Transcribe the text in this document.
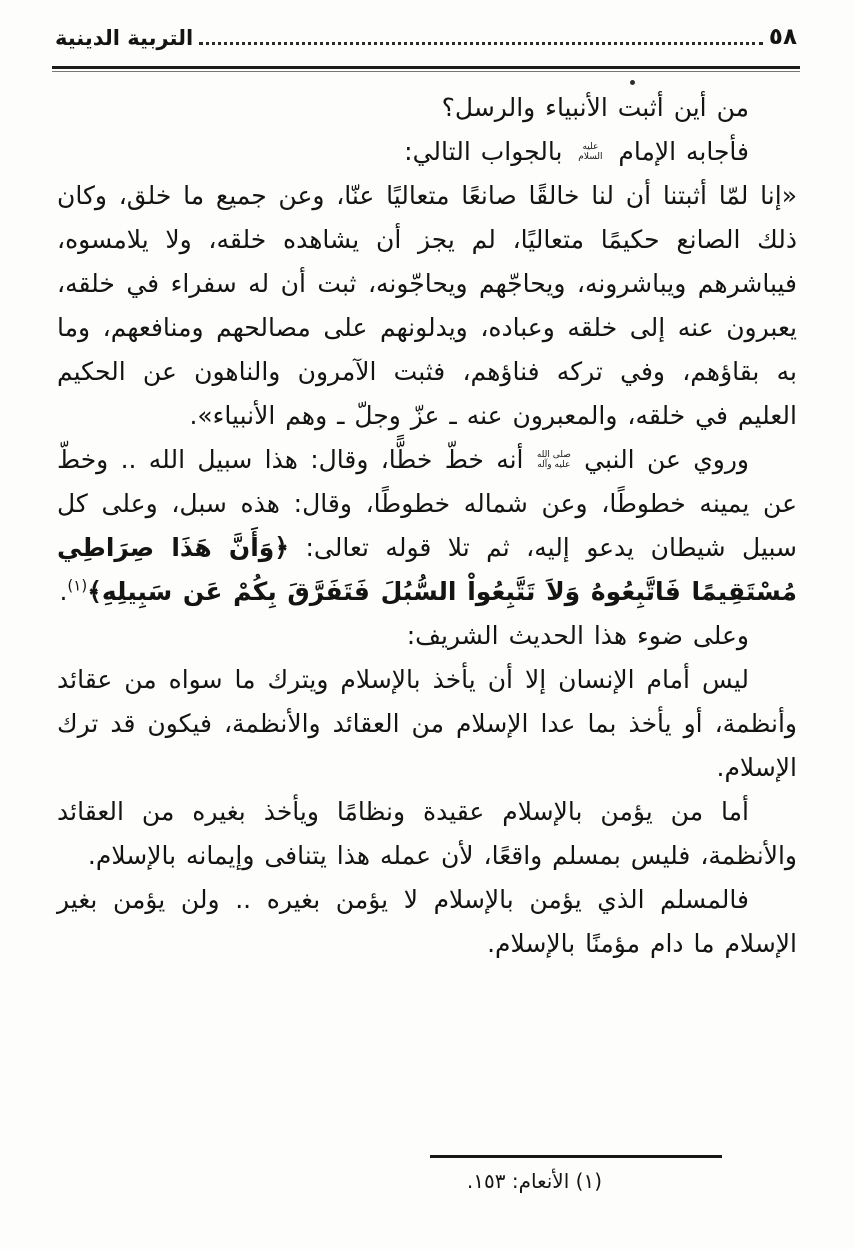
٥٨
التربية الدينية

من أين أثبت الأنبياء والرسل؟

فأجابه الإمام عليه السلام بالجواب التالي:

«إنا لمّا أثبتنا أن لنا خالقًا صانعًا متعاليًا عنّا، وعن جميع ما خلق، وكان ذلك الصانع حكيمًا متعاليًا، لم يجز أن يشاهده خلقه، ولا يلامسوه، فيباشرهم ويباشرونه، ويحاجّهم ويحاجّونه، ثبت أن له سفراء في خلقه، يعبرون عنه إلى خلقه وعباده، ويدلونهم على مصالحهم ومنافعهم، وما به بقاؤهم، وفي تركه فناؤهم، فثبت الآمرون والناهون عن الحكيم العليم في خلقه، والمعبرون عنه ـ عزّ وجلّ ـ وهم الأنبياء».

وروي عن النبي صلى الله عليه وآله أنه خطّ خطًّا، وقال: هذا سبيل الله .. وخطّ عن يمينه خطوطًا، وعن شماله خطوطًا، وقال: هذه سبل، وعلى كل سبيل شيطان يدعو إليه، ثم تلا قوله تعالى: ﴿وَأَنَّ هَذَا صِرَاطِي مُسْتَقِيمًا فَاتَّبِعُوهُ وَلاَ تَتَّبِعُواْ السُّبُلَ فَتَفَرَّقَ بِكُمْ عَن سَبِيلِهِ﴾$^{(١)}$.

وعلى ضوء هذا الحديث الشريف:

ليس أمام الإنسان إلا أن يأخذ بالإسلام ويترك ما سواه من عقائد وأنظمة، أو يأخذ بما عدا الإسلام من العقائد والأنظمة، فيكون قد ترك الإسلام.

أما من يؤمن بالإسلام عقيدة ونظامًا ويأخذ بغيره من العقائد والأنظمة، فليس بمسلم واقعًا، لأن عمله هذا يتنافى وإيمانه بالإسلام.

فالمسلم الذي يؤمن بالإسلام لا يؤمن بغيره .. ولن يؤمن بغير الإسلام ما دام مؤمنًا بالإسلام.

(١) الأنعام: ١٥٣.
